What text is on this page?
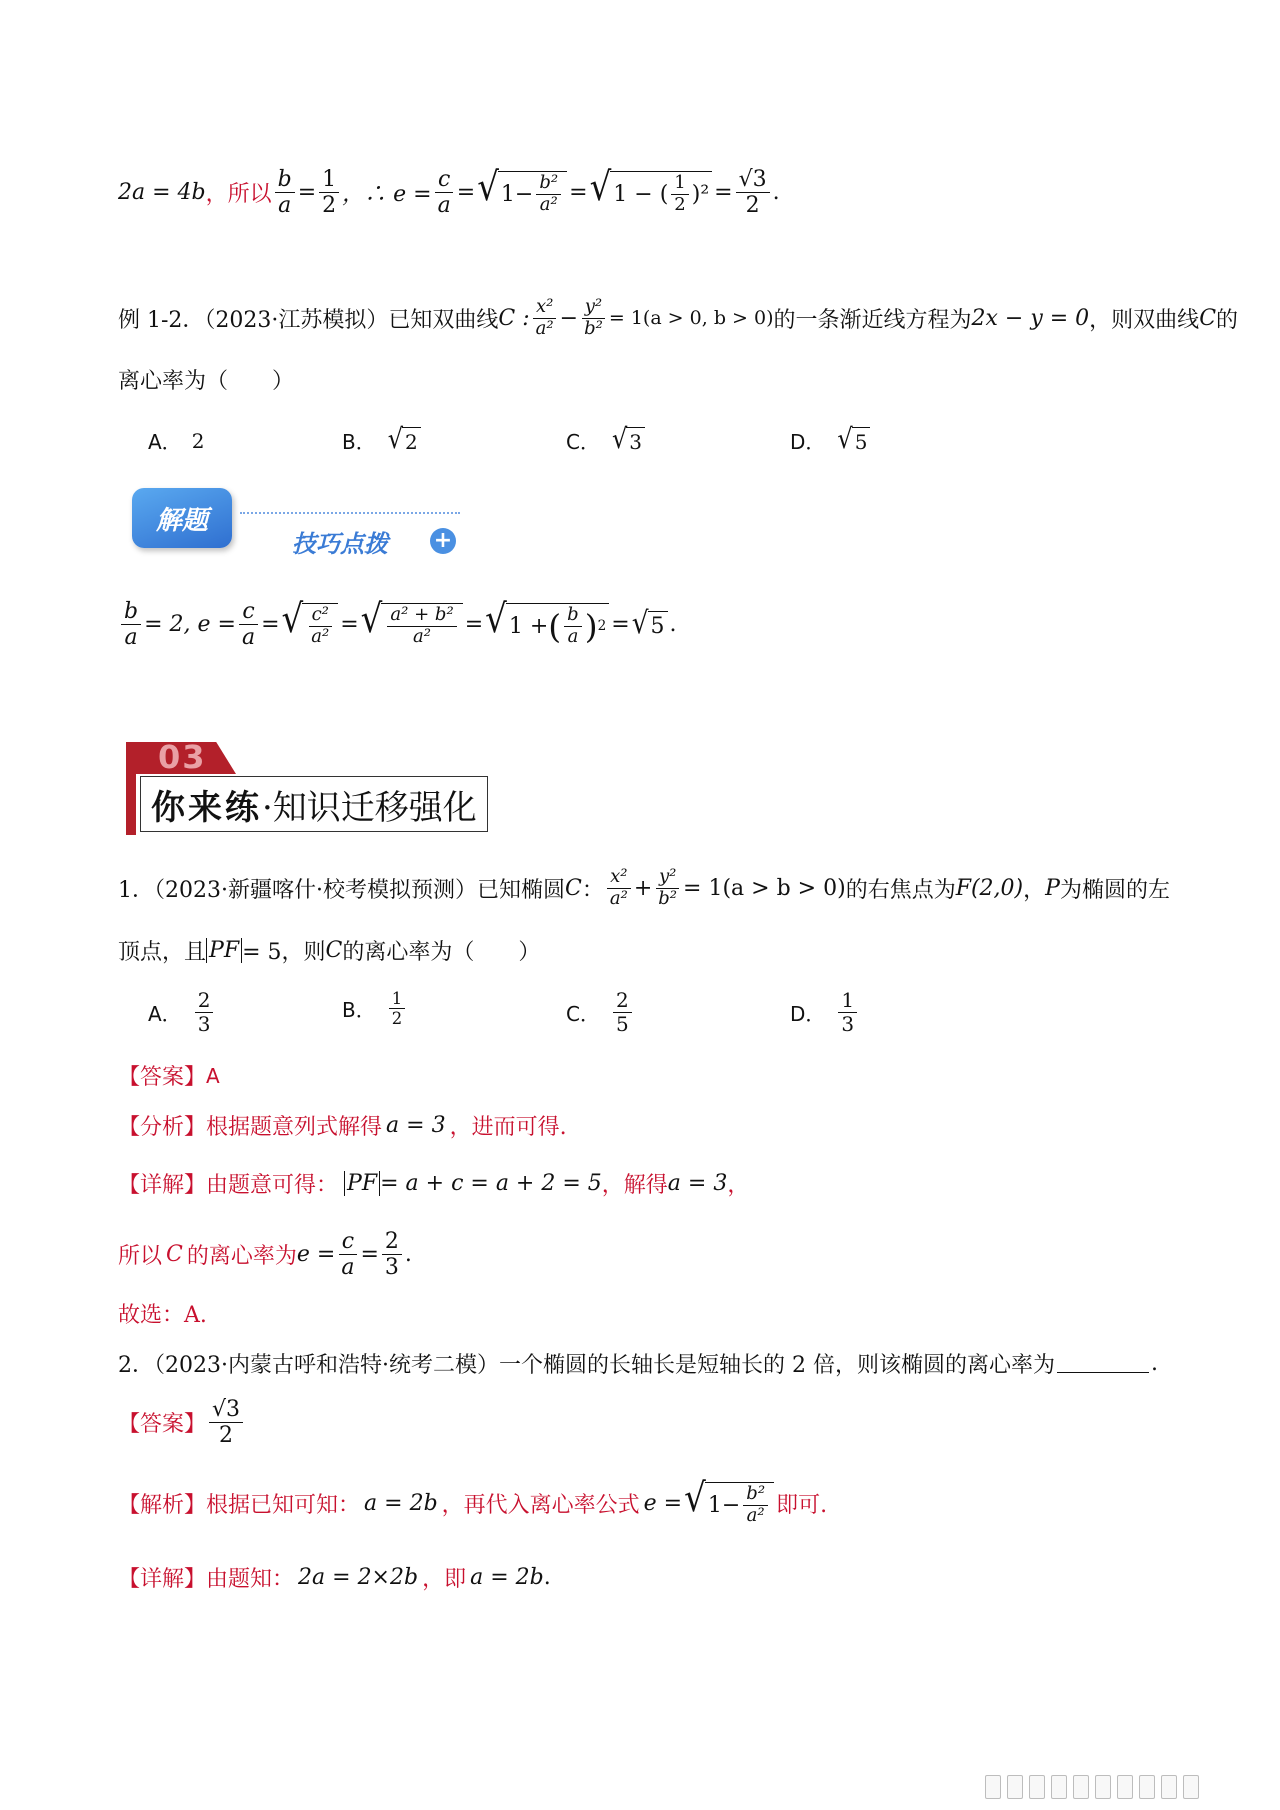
2a = 4b ，所以 $\frac{b}{a} = \frac{1}{2}$ ，∴ $e = \frac{c}{a}$ = √ $1- \frac{\text{b²}}{\text{a²}}$ = √ 1 − ( $\frac{1}{2} )^2 = \frac{√3}{2}$ .
例 1-2．（2023·江苏模拟）已知双曲线 C : $\frac{\text{x²}}{\text{a²}} - \frac{\text{y²}}{\text{b²}} = 1(a > 0$, b > 0) 的一条渐近线方程为 2x − y = 0 ，则双曲线 C 的
离心率为（　　）
A． 2	B． √ 2	C． √ 3	D． √ 5
解题
技巧点拨 +
$\frac{b}{a} = 2$, $e = \frac{c}{a}$ = √ $\frac{\text{c²}}{\text{a²}}$ = √ $\frac{\text{a² + b²}}{\text{a²}}$ = √ 1 + ( $\frac{b}{a}$ ) 2 = √ 5 .
03
你来练 ·知识迁移强化
1．（2023·新疆喀什·校考模拟预测）已知椭圆 C ： $\frac{\text{x²}}{\text{a²}} + \frac{\text{y²}}{\text{b²}} = 1(a > b > 0)$ 的右焦点为 F(2,0) ， P 为椭圆的左
顶点，且 PF = 5，则 C 的离心率为（　　）
A． $\frac{2}{3}$	B． $\frac{1}{2}$	C． $\frac{2}{5}$	D． $\frac{1}{3}$
【答案】 A
【分析】 根据题意列式解得 a = 3 ，进而可得.
【详解】 由题意可得： PF = a + c = a + 2 = 5 ，解得 a = 3 ，
所以 C 的离心率为 $e = \frac{c}{a} = \frac{2}{3}$ .
故选：A.
2．（2023·内蒙古呼和浩特·统考二模）一个椭圆的长轴长是短轴长的 2 倍，则该椭圆的离心率为	.
【答案】 $\frac{√3}{2}$
【解析】 根据已知可知： a = 2b ，再代入离心率公式 e = √ $1- \frac{\text{b²}}{\text{a²}}$ 即可.
【详解】 由题知： 2a = 2×2b ，即 a = 2b .
